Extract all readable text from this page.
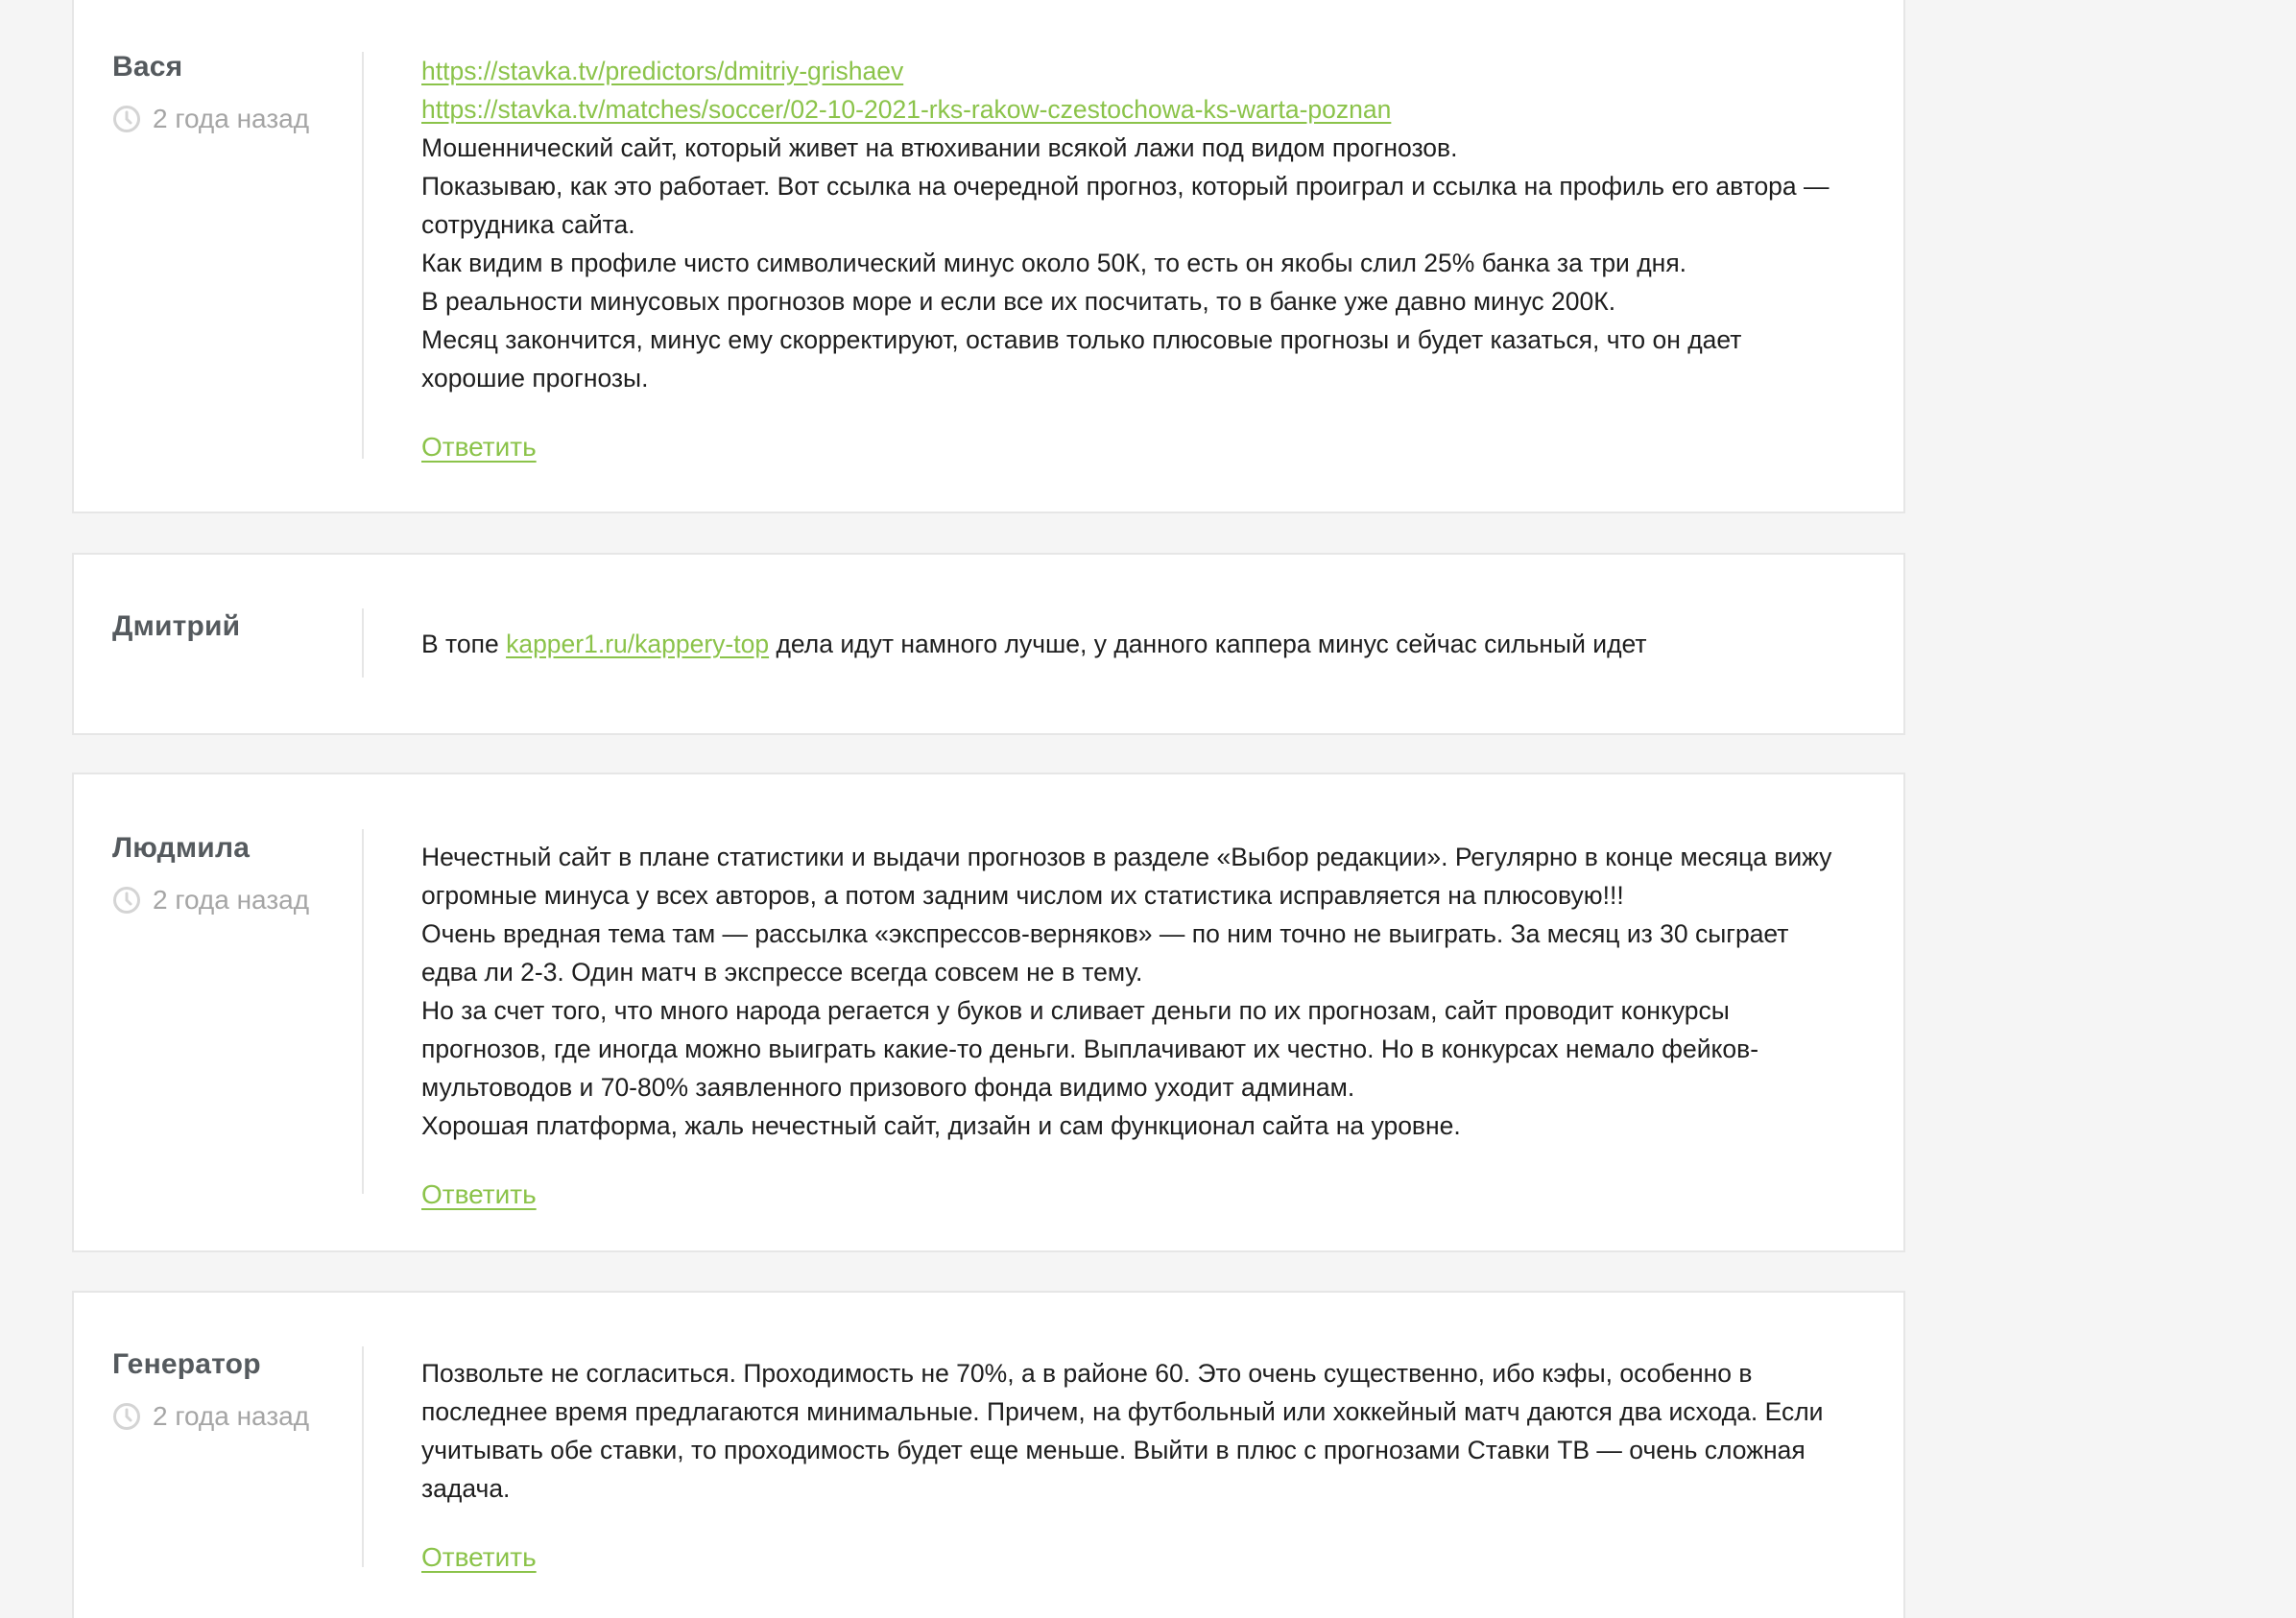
Вася
2 года назад

https://stavka.tv/predictors/dmitriy-grishaev

https://stavka.tv/matches/soccer/02-10-2021-rks-rakow-czestochowa-ks-warta-poznan

Мошеннический сайт, который живет на втюхивании всякой лажи под видом прогнозов.

Показываю, как это работает. Вот ссылка на очередной прогноз, который проиграл и ссылка на профиль его автора — сотрудника сайта.

Как видим в профиле чисто символический минус около 50К, то есть он якобы слил 25% банка за три дня.

В реальности минусовых прогнозов море и если все их посчитать, то в банке уже давно минус 200К.

Месяц закончится, минус ему скорректируют, оставив только плюсовые прогнозы и будет казаться, что он дает хорошие прогнозы.

Ответить
Дмитрий

В топе kapper1.ru/kappery-top дела идут намного лучше, у данного каппера минус сейчас сильный идет

Людмила
2 года назад

Нечестный сайт в плане статистики и выдачи прогнозов в разделе «Выбор редакции». Регулярно в конце месяца вижу огромные минуса у всех авторов, а потом задним числом их статистика исправляется на плюсовую!!!

Очень вредная тема там — рассылка «экспрессов-верняков» — по ним точно не выиграть. За месяц из 30 сыграет едва ли 2-3. Один матч в экспрессе всегда совсем не в тему.

Но за счет того, что много народа регается у буков и сливает деньги по их прогнозам, сайт проводит конкурсы прогнозов, где иногда можно выиграть какие-то деньги. Выплачивают их честно. Но в конкурсах немало фейков-мультоводов и 70-80% заявленного призового фонда видимо уходит админам.

Хорошая платформа, жаль нечестный сайт, дизайн и сам функционал сайта на уровне.

Ответить
Генератор
2 года назад

Позвольте не согласиться. Проходимость не 70%, а в районе 60. Это очень существенно, ибо кэфы, особенно в последнее время предлагаются минимальные. Причем, на футбольный или хоккейный матч даются два исхода. Если учитывать обе ставки, то проходимость будет еще меньше. Выйти в плюс с прогнозами Ставки ТВ — очень сложная задача.

Ответить
